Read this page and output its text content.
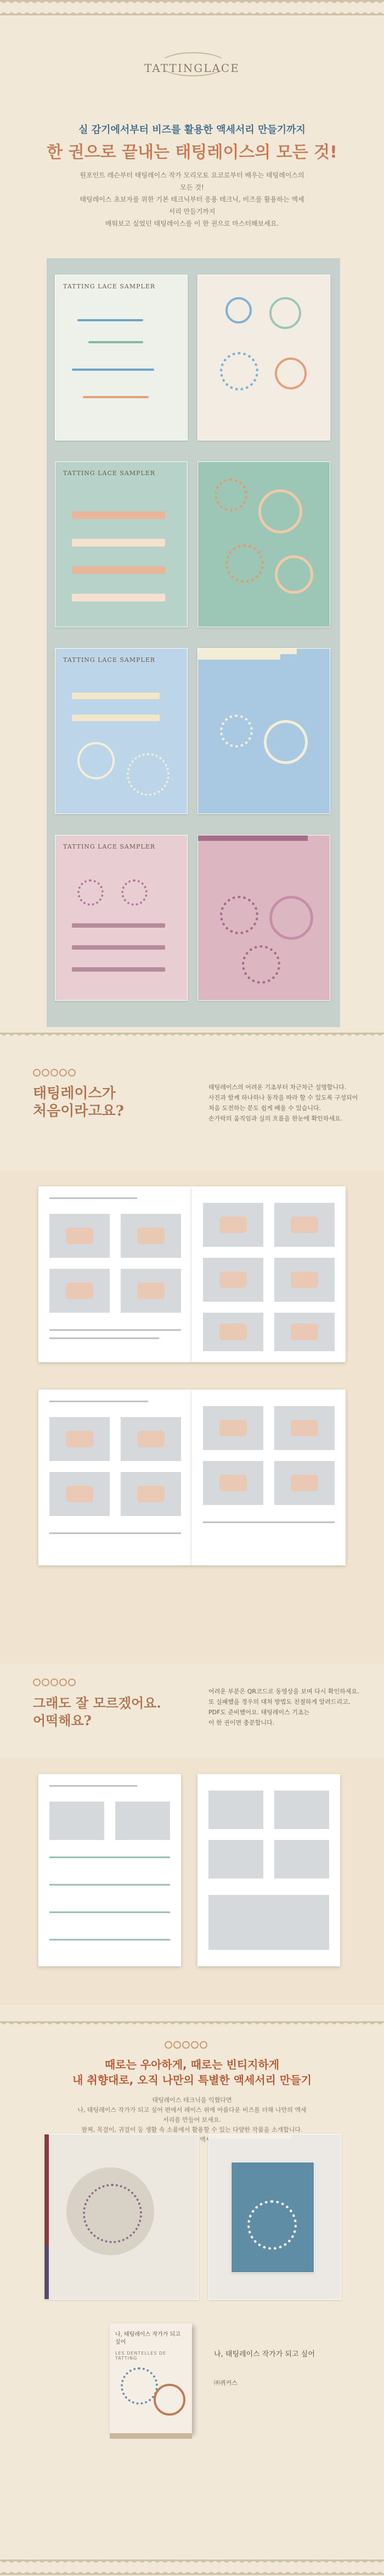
TATTINGLACE
실 감기에서부터 비즈를 활용한 액세서리 만들기까지
한 권으로 끝내는 태팅레이스의 모든 것!
원포인트 레슨부터 태팅레이스 작가 모리모토 요코로부터 배우는 태팅레이스의 모든 것!
태팅레이스 초보자를 위한 기본 테크닉부터 응용 테크닉, 비즈를 활용하는 액세서리 만들기까지
배워보고 싶었던 태팅레이스를 이 한 권으로 마스터해보세요.
TATTING LACE SAMPLER
TATTING LACE SAMPLER
TATTING LACE SAMPLER
TATTING LACE SAMPLER
태팅레이스가
처음이라고요?
태팅레이스의 어려운 기초부터 차근차근 설명합니다.
사진과 함께 하나하나 동작을 따라 할 수 있도록 구성되어
처음 도전하는 분도 쉽게 배울 수 있습니다.
손가락의 움직임과 실의 흐름을 한눈에 확인하세요.
그래도 잘 모르겠어요.
어떡해요?
어려운 부분은 QR코드로 동영상을 보며 다시 확인하세요.
또 실패했을 경우의 대처 방법도 친절하게 알려드리고,
PDF도 준비했어요. 태팅레이스 기초는
이 한 권이면 충분합니다.
때로는 우아하게, 때로는 빈티지하게
내 취향대로, 오직 나만의 특별한 액세서리 만들기
태팅레이스 테크닉을 익혔다면
나, 태팅레이스 작가가 되고 싶어 편에서 레이스 위에 아름다운 비즈를 더해 나만의 액세서리를 만들어 보세요.
팔찌, 목걸이, 귀걸이 등 생활 속 소품에서 활용할 수 있는 다양한 작품을 소개합니다.
나, 태팅레이스 작가가 되고 싶어
LES DENTELLES DE TATTING	나, 태팅레이스 작가가 되고 싶어
㈜퀴커스
